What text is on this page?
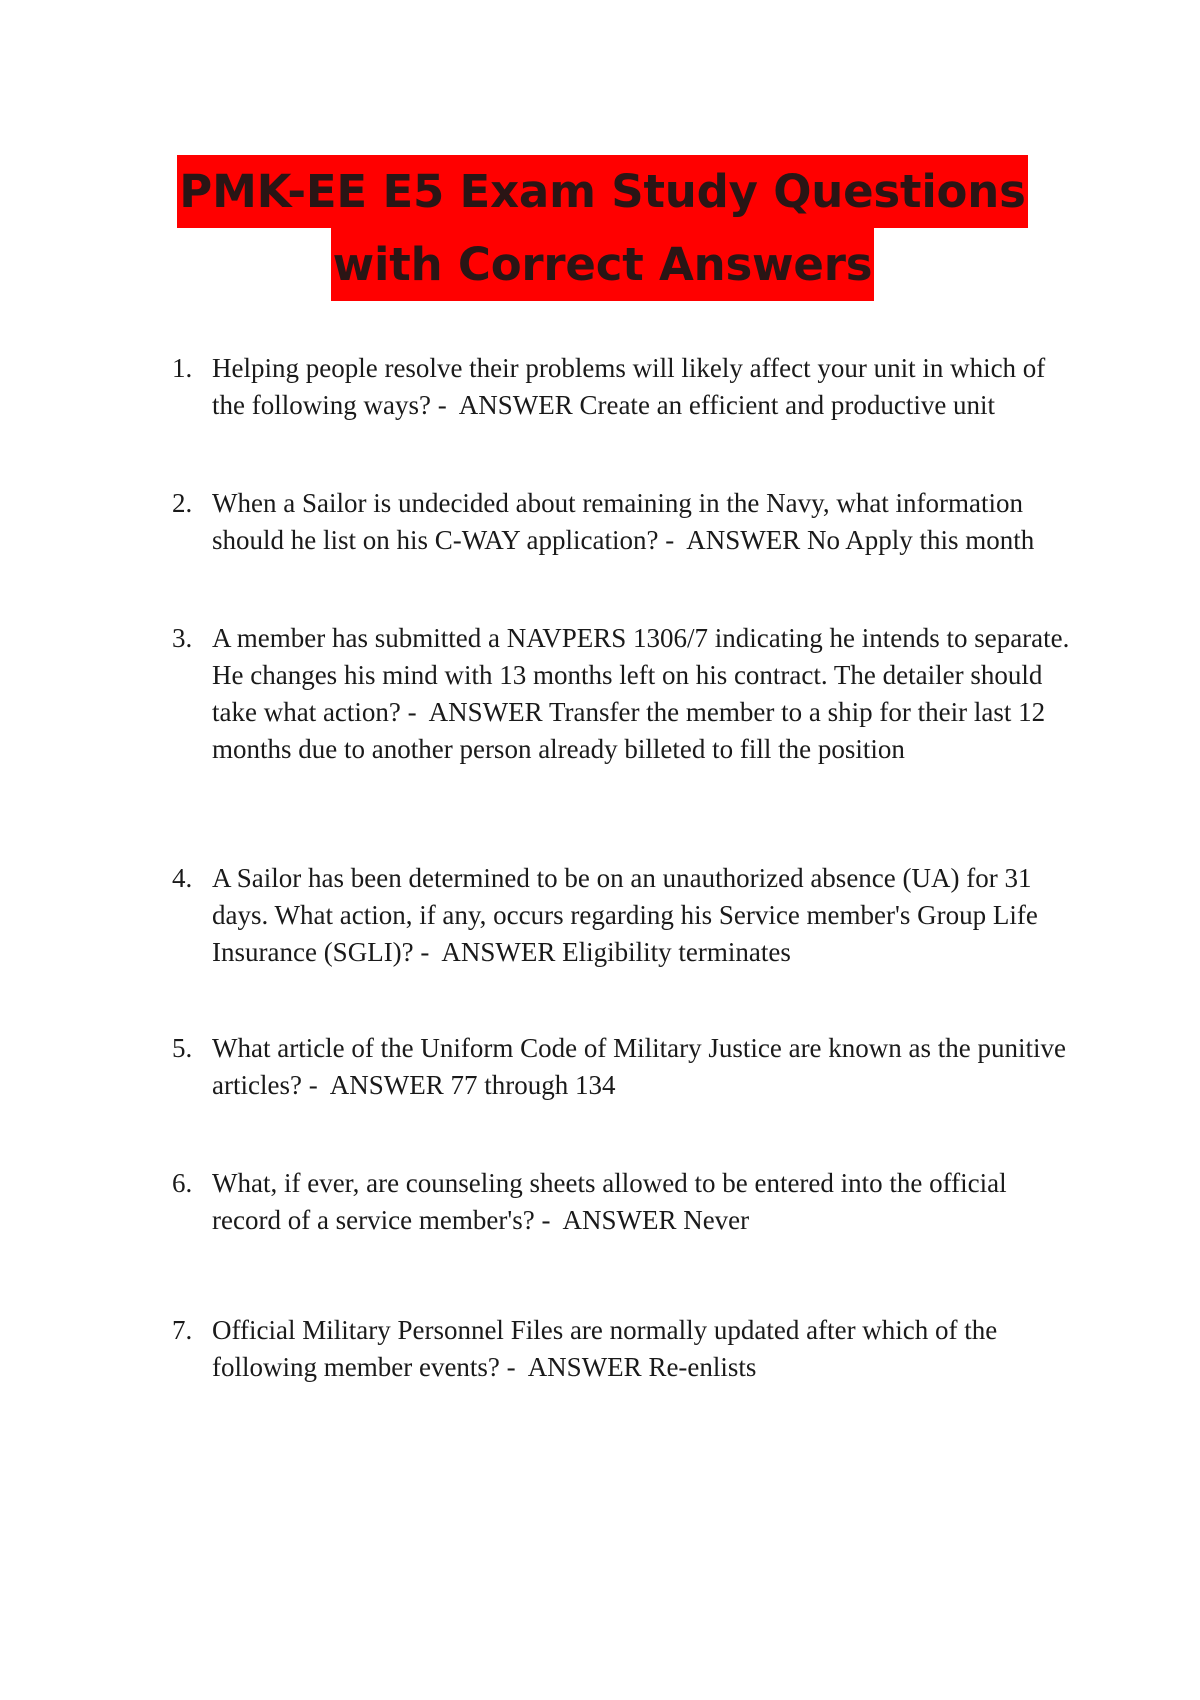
PMK-EE E5 Exam Study Questions
with Correct Answers
1. Helping people resolve their problems will likely affect your unit in which of the following ways? - ANSWER Create an efficient and productive unit
2. When a Sailor is undecided about remaining in the Navy, what information should he list on his C-WAY application? - ANSWER No Apply this month
3. A member has submitted a NAVPERS 1306/7 indicating he intends to separate. He changes his mind with 13 months left on his contract. The detailer should take what action? - ANSWER Transfer the member to a ship for their last 12 months due to another person already billeted to fill the position
4. A Sailor has been determined to be on an unauthorized absence (UA) for 31 days. What action, if any, occurs regarding his Service member's Group Life Insurance (SGLI)? - ANSWER Eligibility terminates
5. What article of the Uniform Code of Military Justice are known as the punitive articles? - ANSWER 77 through 134
6. What, if ever, are counseling sheets allowed to be entered into the official record of a service member's? - ANSWER Never
7. Official Military Personnel Files are normally updated after which of the following member events? - ANSWER Re-enlists
